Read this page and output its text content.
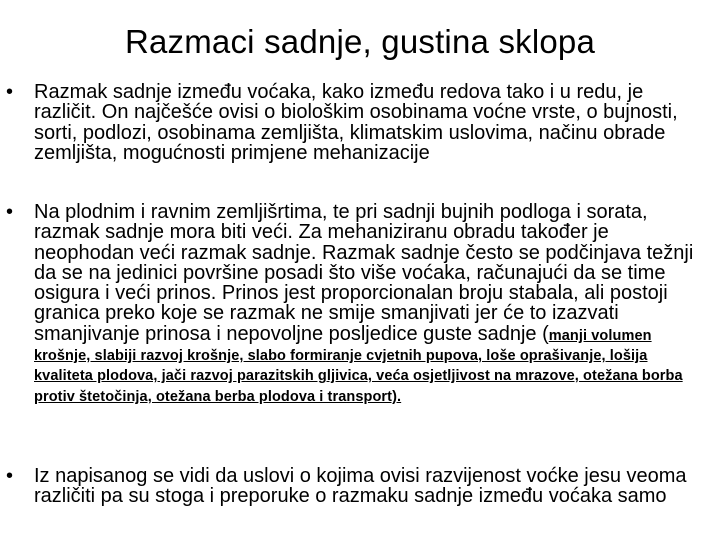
Razmaci sadnje, gustina sklopa
• Razmak sadnje između voćaka, kako između redova tako i u redu, je različit. On najčešće ovisi o biološkim osobinama voćne vrste, o bujnosti, sorti, podlozi, osobinama zemljišta, klimatskim uslovima, načinu obrade zemljišta, mogućnosti primjene mehanizacije
• Na plodnim i ravnim zemljišrtima, te pri sadnji bujnih podloga i sorata, razmak sadnje mora biti veći. Za mehaniziranu obradu također je neophodan veći razmak sadnje. Razmak sadnje često se podčinjava težnji da se na jedinici površine posadi što više voćaka, računajući da se time osigura i veći prinos. Prinos jest proporcionalan broju stabala, ali postoji granica preko koje se razmak ne smije smanjivati jer će to izazvati smanjivanje prinosa i nepovoljne posljedice guste sadnje (manji volumen krošnje, slabiji razvoj krošnje, slabo formiranje cvjetnih pupova, loše oprašivanje, lošija kvaliteta plodova, jači razvoj parazitskih gljivica, veća osjetljivost na mrazove, otežana borba protiv štetočinja, otežana berba plodova i transport).
• Iz napisanog se vidi da uslovi o kojima ovisi razvijenost voćke jesu veoma različiti pa su stoga i preporuke o razmaku sadnje između voćaka samo
